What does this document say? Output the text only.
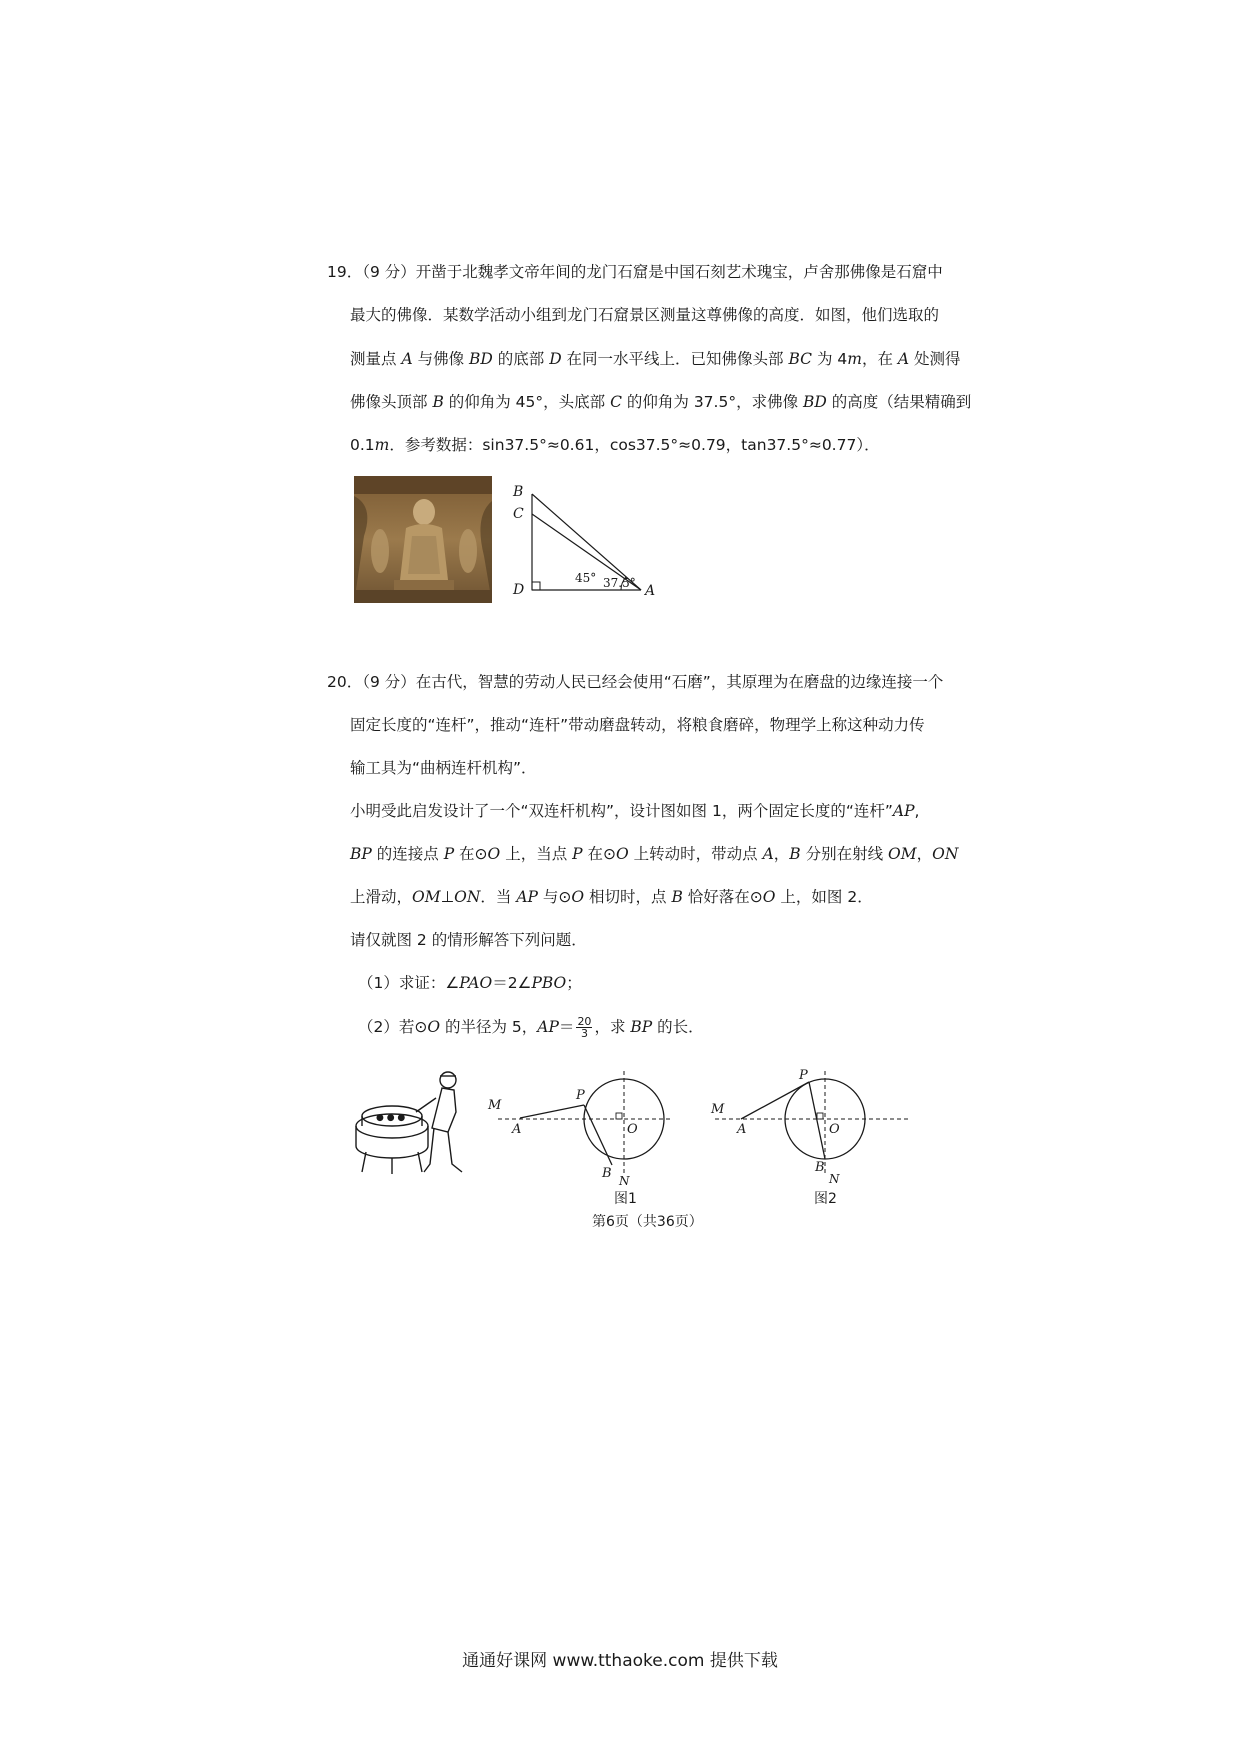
19．（9 分）开凿于北魏孝文帝年间的龙门石窟是中国石刻艺术瑰宝，卢舍那佛像是石窟中
最大的佛像．某数学活动小组到龙门石窟景区测量这尊佛像的高度．如图，他们选取的
测量点 A 与佛像 BD 的底部 D 在同一水平线上．已知佛像头部 BC 为 4m，在 A 处测得
佛像头顶部 B 的仰角为 45°，头底部 C 的仰角为 37.5°，求佛像 BD 的高度（结果精确到
0.1m．参考数据：sin37.5°≈0.61，cos37.5°≈0.79，tan37.5°≈0.77）．
B
C
D	A
45° 37.5°
20．（9 分）在古代，智慧的劳动人民已经会使用“石磨”，其原理为在磨盘的边缘连接一个
固定长度的“连杆”，推动“连杆”带动磨盘转动，将粮食磨碎，物理学上称这种动力传
输工具为“曲柄连杆机构”．
小明受此启发设计了一个“双连杆机构”，设计图如图 1，两个固定长度的“连杆”AP,
BP 的连接点 P 在⊙O 上，当点 P 在⊙O 上转动时，带动点 A，B 分别在射线 OM，ON
上滑动，OM⊥ON．当 AP 与⊙O 相切时，点 B 恰好落在⊙O 上，如图 2．
请仅就图 2 的情形解答下列问题．
（1）求证：∠PAO＝2∠PBO；
（2）若⊙O 的半径为 5，$AP= \frac{20}{3}$ ，求 BP 的长．
● ● ●
M
A
P
O
B N
图1
M
A
P
O
B
N
图2
第6页（共36页）
通通好课网 www.tthaoke.com 提供下载
